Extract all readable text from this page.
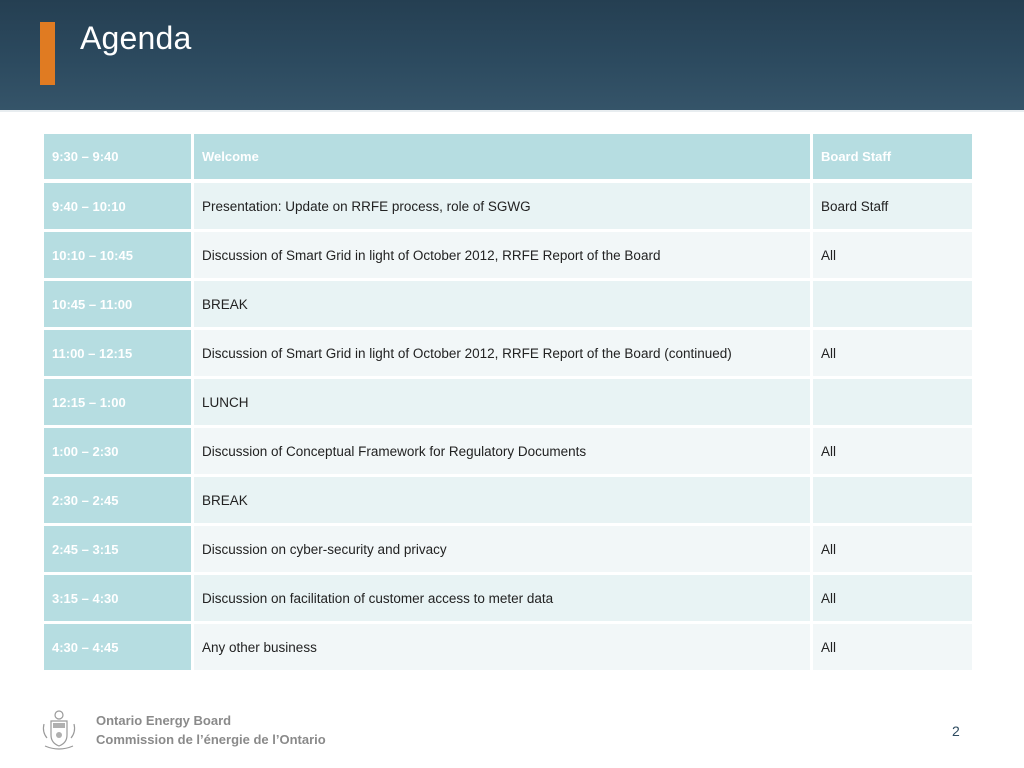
Agenda
9:30 – 9:40	Welcome	Board Staff
9:40 – 10:10	Presentation: Update on RRFE process, role of SGWG	Board Staff
10:10 – 10:45	Discussion of Smart Grid in light of October 2012, RRFE Report of the Board	All
10:45 – 11:00	BREAK	
11:00 – 12:15	Discussion of Smart Grid in light of October 2012, RRFE Report of the Board (continued)	All
12:15 – 1:00	LUNCH	
1:00 – 2:30	Discussion of Conceptual Framework for Regulatory Documents	All
2:30 – 2:45	BREAK	
2:45 – 3:15	Discussion on cyber-security and privacy	All
3:15 – 4:30	Discussion on facilitation of customer access to meter data	All
4:30 – 4:45	Any other business	All
Ontario Energy Board
Commission de l’énergie de l’Ontario
2
